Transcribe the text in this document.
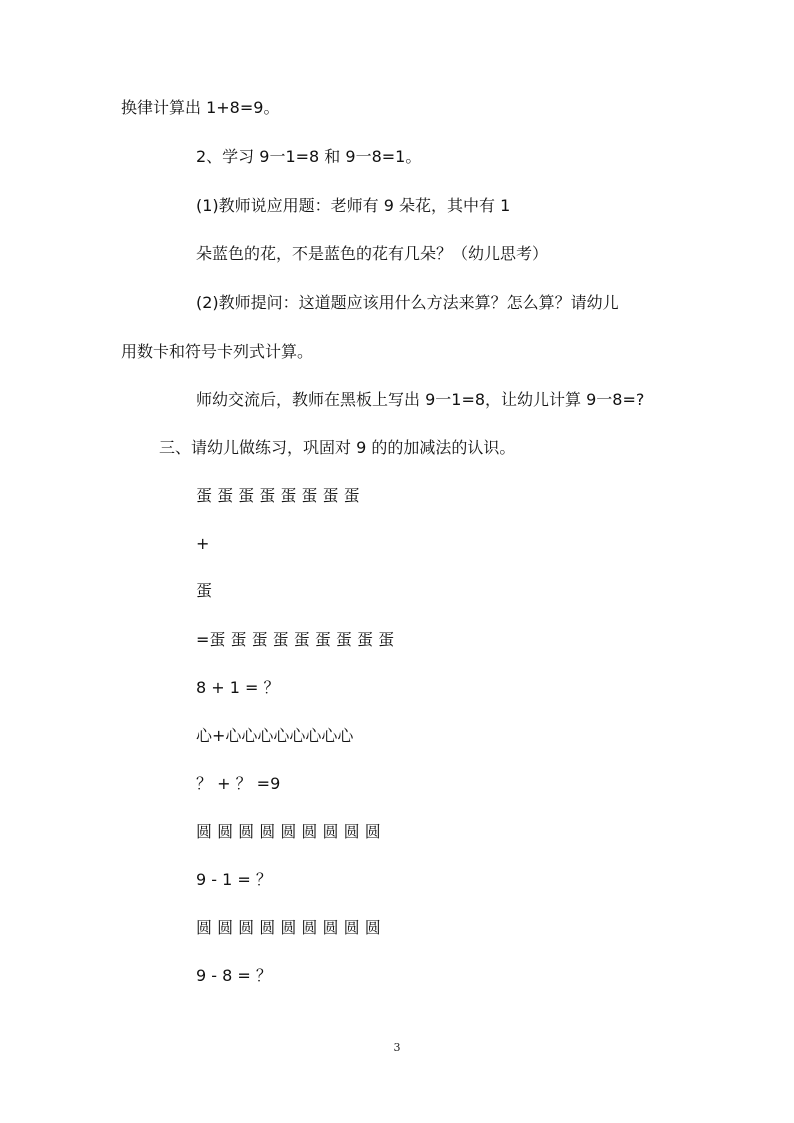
换律计算出 1+8=9。

2、学习 9一1=8 和 9一8=1。

(1)教师说应用题：老师有 9 朵花，其中有 1

朵蓝色的花，不是蓝色的花有几朵？（幼儿思考）

(2)教师提问：这道题应该用什么方法来算？怎么算？请幼儿

用数卡和符号卡列式计算。

师幼交流后，教师在黑板上写出 9一1=8，让幼儿计算 9一8=?

三、请幼儿做练习，巩固对 9 的的加减法的认识。

蛋 蛋 蛋 蛋 蛋 蛋 蛋 蛋

+

蛋

=蛋 蛋 蛋 蛋 蛋 蛋 蛋 蛋 蛋

8 + 1 = ？

心+心心心心心心心心

？ + ？ =9

圆 圆 圆 圆 圆 圆 圆 圆 圆

9 - 1 = ？

圆 圆 圆 圆 圆 圆 圆 圆 圆

9 - 8 = ？

3
